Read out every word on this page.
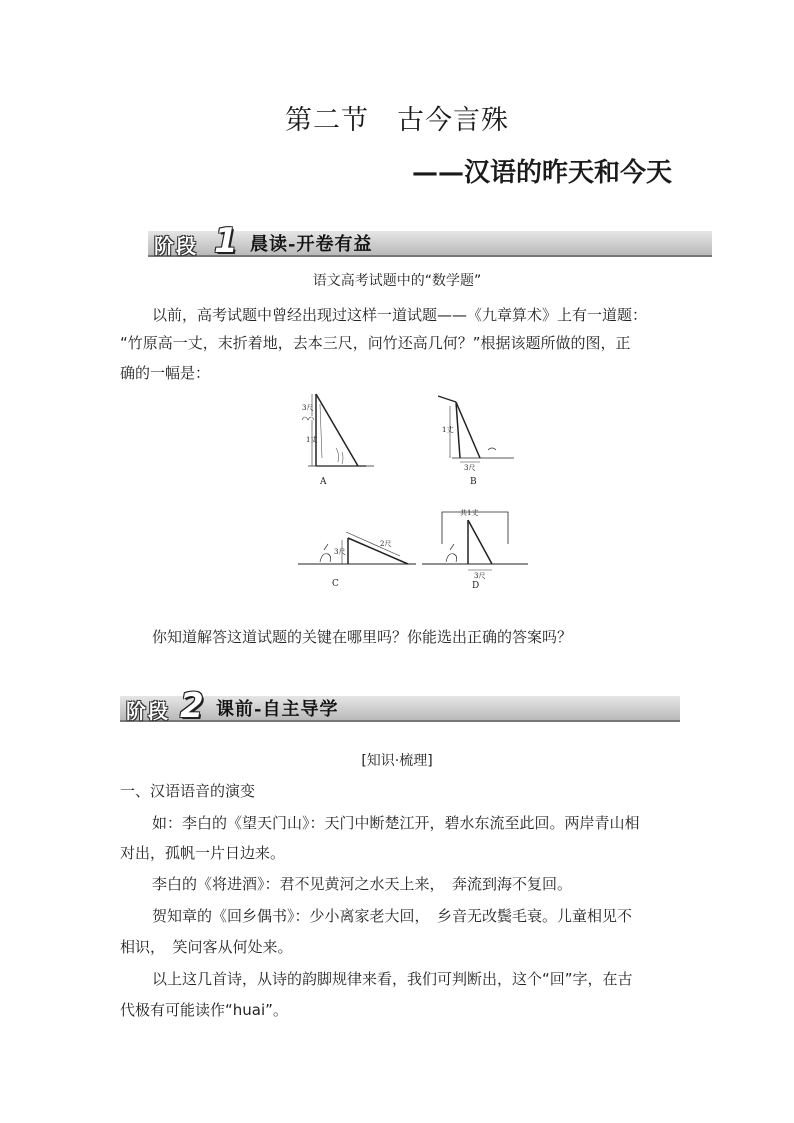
第二节　古今言殊
——汉语的昨天和今天
阶段 1 晨读-开卷有益
语文高考试题中的“数学题”
以前，高考试题中曾经出现过这样一道试题——《九章算术》上有一道题：
“竹原高一丈，末折着地，去本三尺，问竹还高几何？”根据该题所做的图，正
确的一幅是：
3尺
1丈
A
1丈
3尺
B
2尺
3尺
C
共1丈
3尺
D
你知道解答这道试题的关键在哪里吗？你能选出正确的答案吗？
阶段 2 课前-自主导学
[知识·梳理]
一、汉语语音的演变
如：李白的《望天门山》：天门中断楚江开，碧水东流至此回。两岸青山相
对出，孤帆一片日边来。
李白的《将进酒》：君不见黄河之水天上来，　奔流到海不复回。
贺知章的《回乡偶书》：少小离家老大回，　乡音无改鬓毛衰。儿童相见不
相识，　笑问客从何处来。
以上这几首诗，从诗的韵脚规律来看，我们可判断出，这个“回”字，在古
代极有可能读作“huai”。
